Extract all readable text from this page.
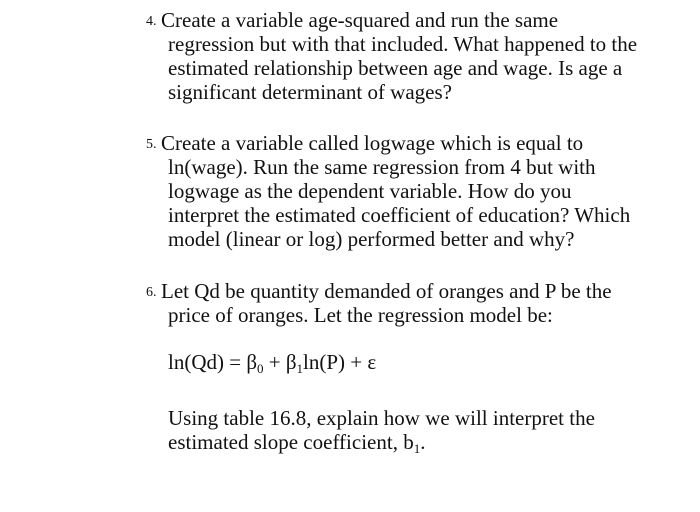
4. Create a variable age-squared and run the same
regression but with that included. What happened to the
estimated relationship between age and wage. Is age a
significant determinant of wages?
5. Create a variable called logwage which is equal to
ln(wage). Run the same regression from 4 but with
logwage as the dependent variable. How do you
interpret the estimated coefficient of education? Which
model (linear or log) performed better and why?
6. Let Qd be quantity demanded of oranges and P be the
price of oranges. Let the regression model be:
$\ln(Qd) = \beta_0 + \beta_1\ln(P) + \varepsilon$
Using table 16.8, explain how we will interpret the
estimated slope coefficient, $b_1$.
